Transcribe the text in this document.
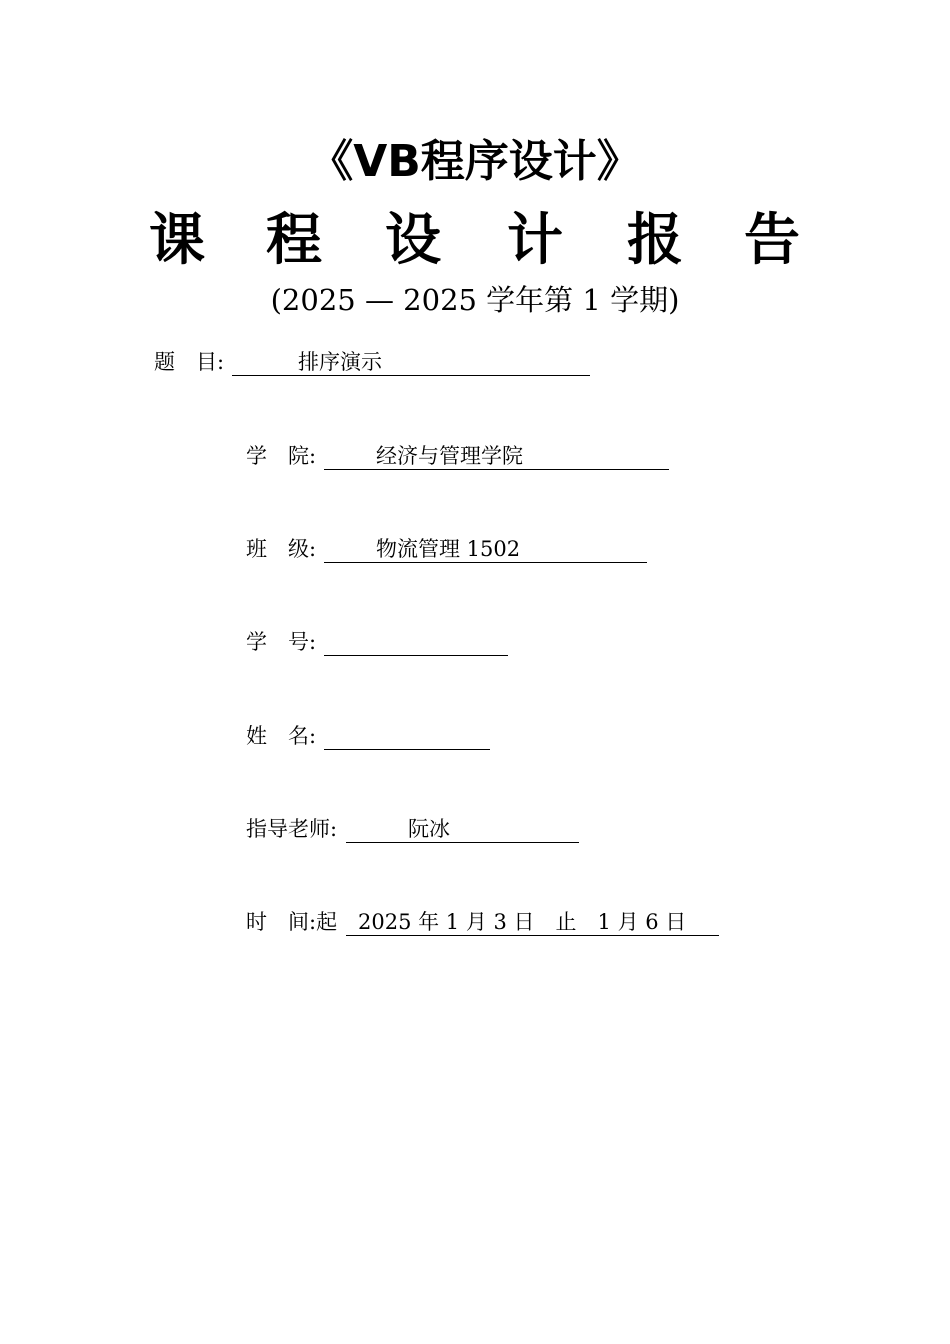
《VB程序设计》
课 程 设 计 报 告
(2025 — 2025 学年第 1 学期)
题　目:	排序演示
学　院:	经济与管理学院
班　级:	物流管理 1502
学　号:
姓　名:
指导老师:	阮冰
时　间:起 2025 年 1 月 3 日　止　1 月 6 日
